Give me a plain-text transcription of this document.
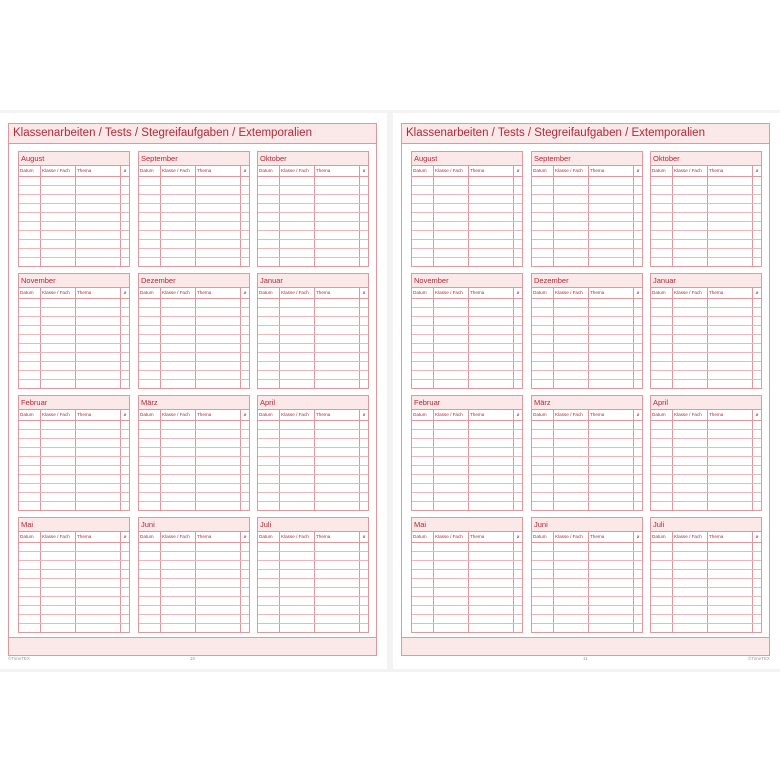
Klassenarbeiten / Tests / Stegreifaufgaben / Extemporalien
August
Datum	Klasse / Fach	Thema	ø
September
Datum	Klasse / Fach	Thema	ø
Oktober
Datum	Klasse / Fach	Thema	ø
November
Datum	Klasse / Fach	Thema	ø
Dezember
Datum	Klasse / Fach	Thema	ø
Januar
Datum	Klasse / Fach	Thema	ø
Februar
Datum	Klasse / Fach	Thema	ø
März
Datum	Klasse / Fach	Thema	ø
April
Datum	Klasse / Fach	Thema	ø
Mai
Datum	Klasse / Fach	Thema	ø
Juni
Datum	Klasse / Fach	Thema	ø
Juli
Datum	Klasse / Fach	Thema	ø
Klassenarbeiten / Tests / Stegreifaufgaben / Extemporalien
August
Datum	Klasse / Fach	Thema	ø
September
Datum	Klasse / Fach	Thema	ø
Oktober
Datum	Klasse / Fach	Thema	ø
November
Datum	Klasse / Fach	Thema	ø
Dezember
Datum	Klasse / Fach	Thema	ø
Januar
Datum	Klasse / Fach	Thema	ø
Februar
Datum	Klasse / Fach	Thema	ø
März
Datum	Klasse / Fach	Thema	ø
April
Datum	Klasse / Fach	Thema	ø
Mai
Datum	Klasse / Fach	Thema	ø
Juni
Datum	Klasse / Fach	Thema	ø
Juli
Datum	Klasse / Fach	Thema	ø
©TimeTEX	10	11	©TimeTEX
